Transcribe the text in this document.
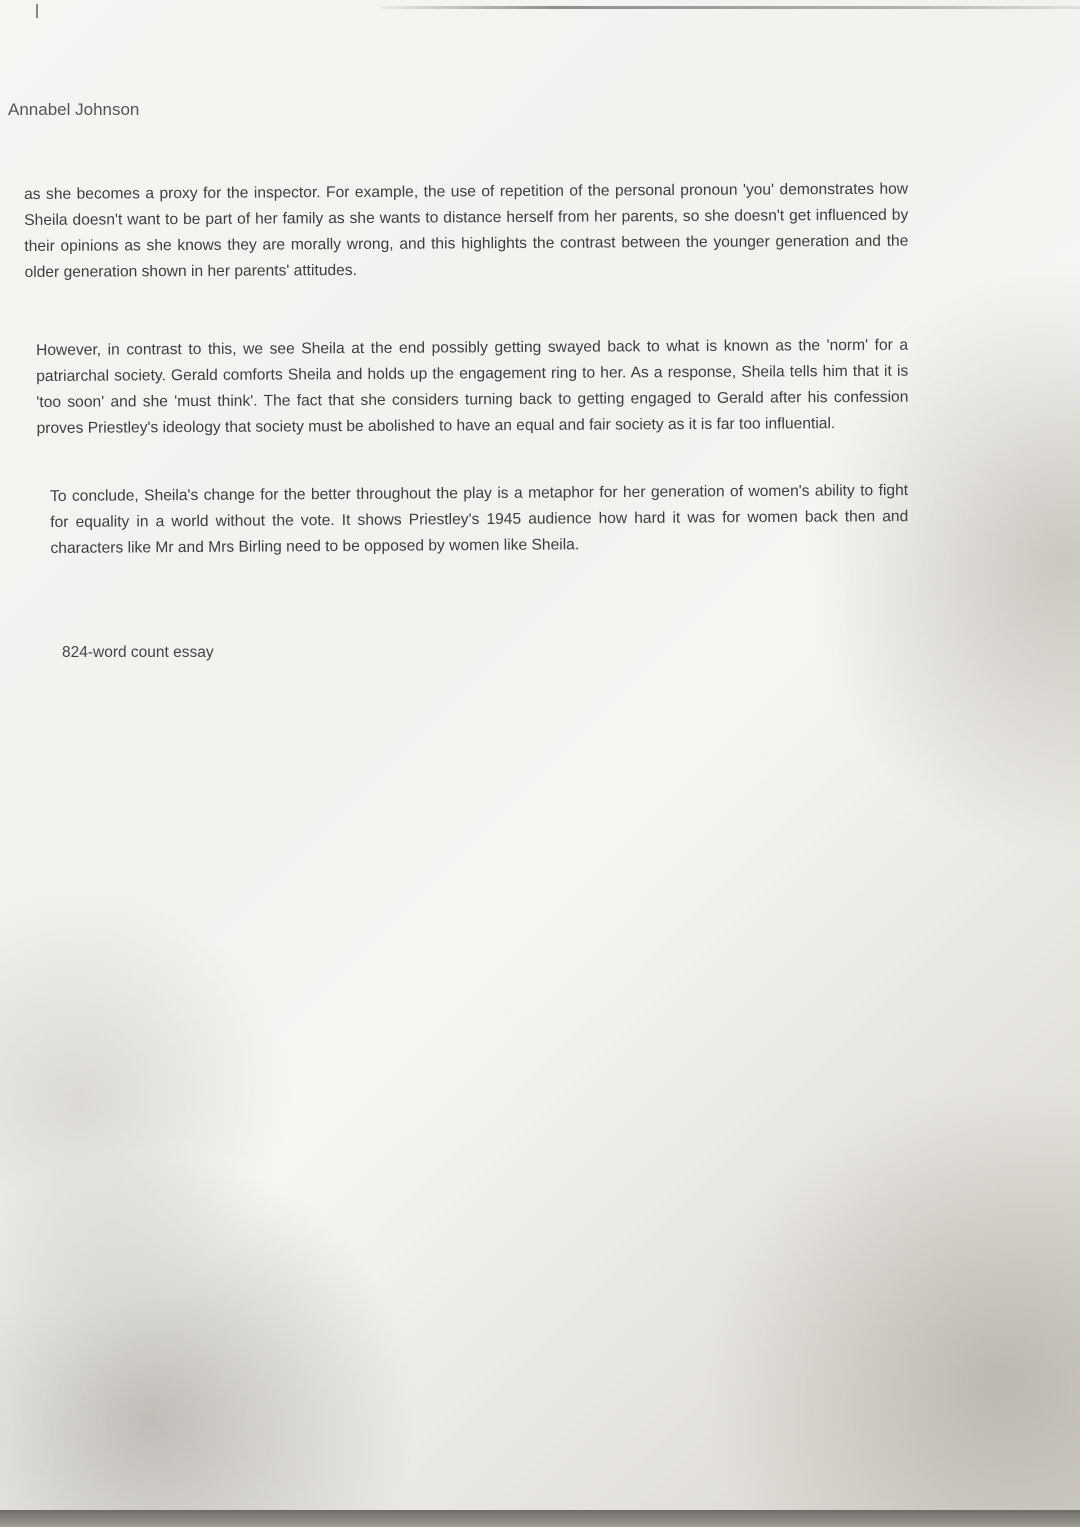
Annabel Johnson

as she becomes a proxy for the inspector. For example, the use of repetition of the personal pronoun 'you' demonstrates how Sheila doesn't want to be part of her family as she wants to distance herself from her parents, so she doesn't get influenced by their opinions as she knows they are morally wrong, and this highlights the contrast between the younger generation and the older generation shown in her parents' attitudes.

However, in contrast to this, we see Sheila at the end possibly getting swayed back to what is known as the 'norm' for a patriarchal society. Gerald comforts Sheila and holds up the engagement ring to her. As a response, Sheila tells him that it is 'too soon' and she 'must think'. The fact that she considers turning back to getting engaged to Gerald after his confession proves Priestley's ideology that society must be abolished to have an equal and fair society as it is far too influential.

To conclude, Sheila's change for the better throughout the play is a metaphor for her generation of women's ability to fight for equality in a world without the vote. It shows Priestley's 1945 audience how hard it was for women back then and characters like Mr and Mrs Birling need to be opposed by women like Sheila.

824-word count essay
